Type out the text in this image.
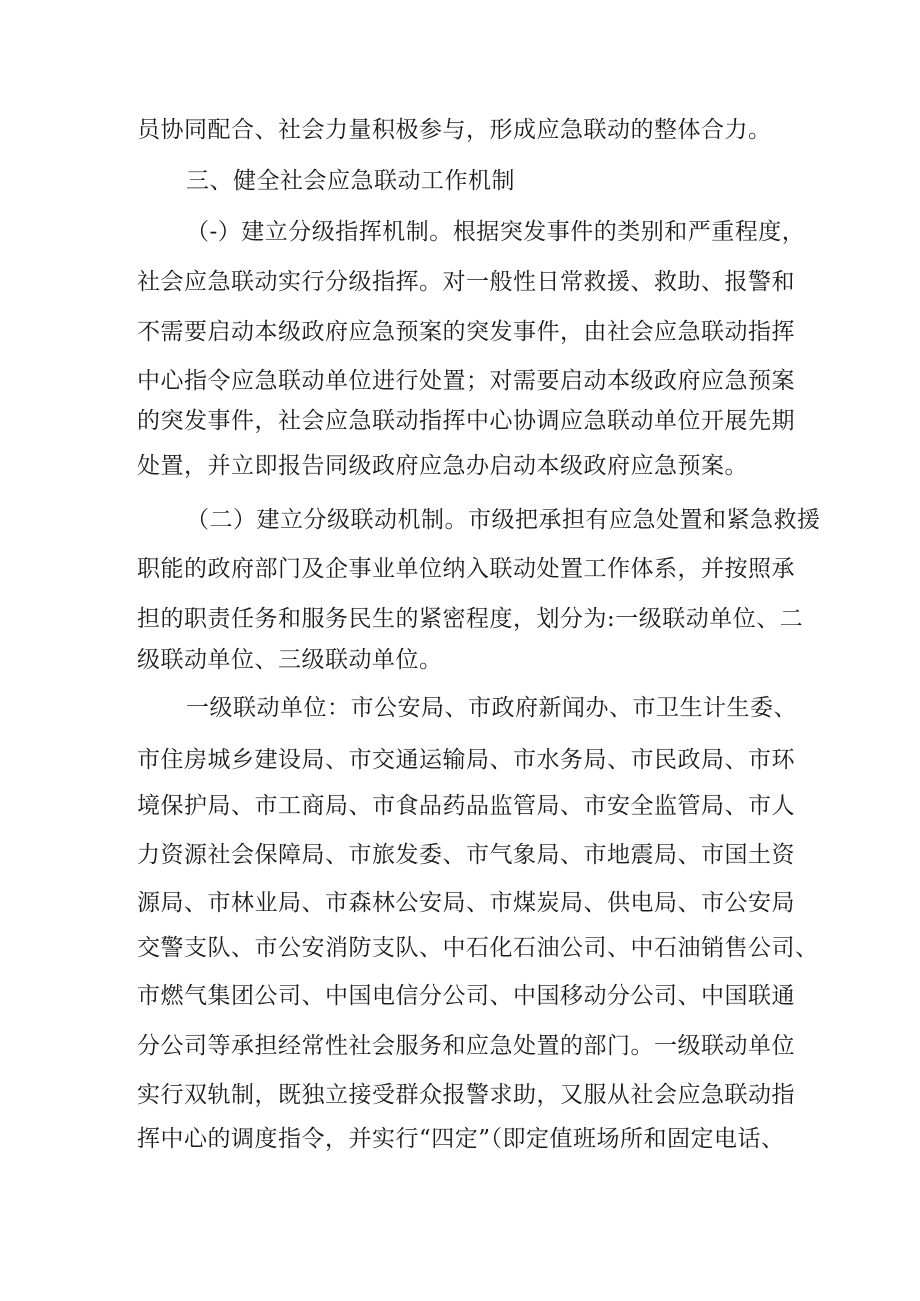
员协同配合、社会力量积极参与，形成应急联动的整体合力。
三、健全社会应急联动工作机制
（-）建立分级指挥机制。根据突发事件的类别和严重程度，
社会应急联动实行分级指挥。对一般性日常救援、救助、报警和
不需要启动本级政府应急预案的突发事件，由社会应急联动指挥
中心指令应急联动单位进行处置；对需要启动本级政府应急预案
的突发事件，社会应急联动指挥中心协调应急联动单位开展先期
处置，并立即报告同级政府应急办启动本级政府应急预案。
（二）建立分级联动机制。市级把承担有应急处置和紧急救援
职能的政府部门及企事业单位纳入联动处置工作体系，并按照承
担的职责任务和服务民生的紧密程度，划分为:一级联动单位、二
级联动单位、三级联动单位。
一级联动单位：市公安局、市政府新闻办、市卫生计生委、
市住房城乡建设局、市交通运输局、市水务局、市民政局、市环
境保护局、市工商局、市食品药品监管局、市安全监管局、市人
力资源社会保障局、市旅发委、市气象局、市地震局、市国土资
源局、市林业局、市森林公安局、市煤炭局、供电局、市公安局
交警支队、市公安消防支队、中石化石油公司、中石油销售公司、
市燃气集团公司、中国电信分公司、中国移动分公司、中国联通
分公司等承担经常性社会服务和应急处置的部门。一级联动单位
实行双轨制，既独立接受群众报警求助，又服从社会应急联动指
挥中心的调度指令，并实行“四定”（即定值班场所和固定电话、
